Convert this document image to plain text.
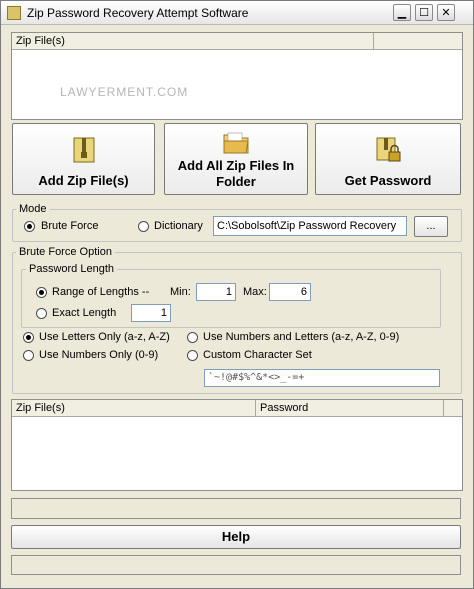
Zip Password Recovery Attempt Software	▁	☐	✕
Zip File(s)
LAWYERMENT.COM
Add Zip File(s)
Add All Zip Files In
Folder	Get Password
Mode
Brute Force	Dictionary	C:\Sobolsoft\Zip Password Recovery	...
Brute Force Option
Password Length
Range of Lengths -- Min:	1	Max:	6
Exact Length	1
Use Letters Only (a-z, A-Z)	Use Numbers and Letters (a-z, A-Z, 0-9)
Use Numbers Only (0-9)	Custom Character Set
`~!@#$%^&*<>_-=+
Zip File(s)	Password
Help
